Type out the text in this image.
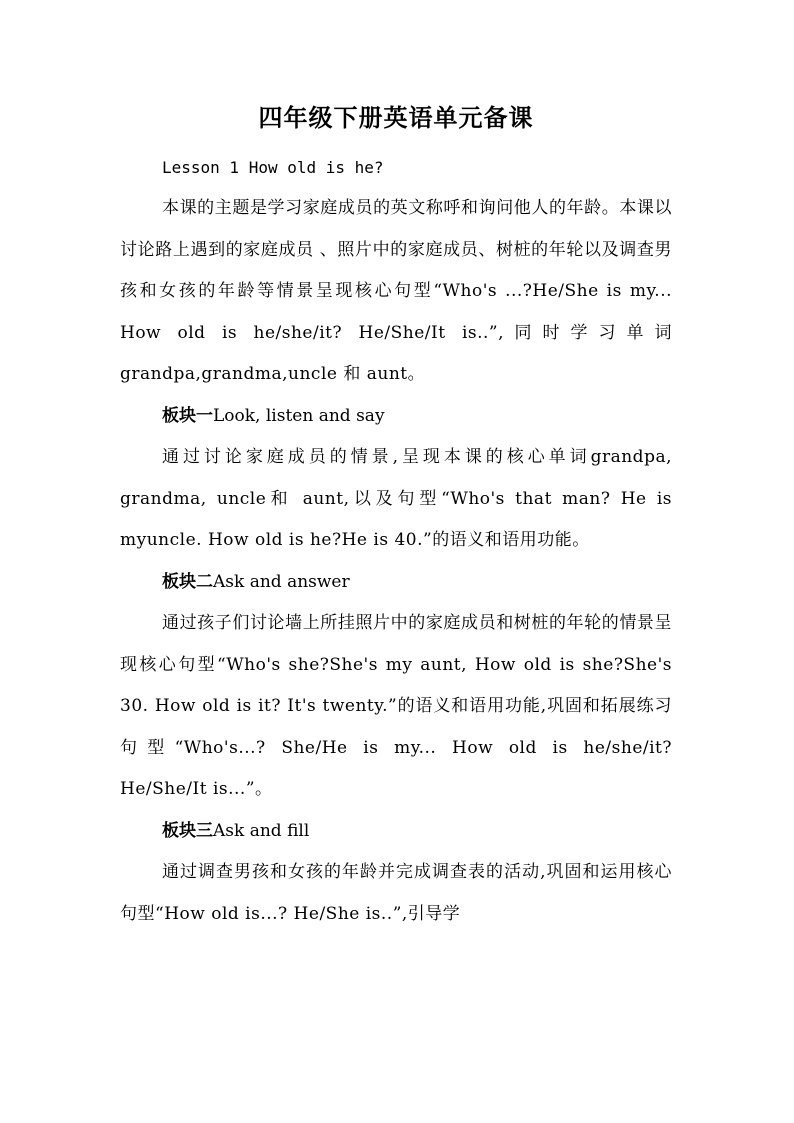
四年级下册英语单元备课

Lesson 1 How old is he?

本课的主题是学习家庭成员的英文称呼和询问他人的年龄。本课以讨论路上遇到的家庭成员 、照片中的家庭成员、树桩的年轮以及调查男孩和女孩的年龄等情景呈现核心句型“Who's ...?He/She is my... How old is he/she/it? He/She/It is..”,同时学习单词 grandpa,grandma,uncle 和 aunt。

板块一Look, listen and say

通过讨论家庭成员的情景,呈现本课的核心单词grandpa, grandma, uncle和 aunt,以及句型“Who's that man? He is myuncle. How old is he?He is 40.”的语义和语用功能。

板块二Ask and answer

通过孩子们讨论墙上所挂照片中的家庭成员和树桩的年轮的情景呈现核心句型“Who's she?She's my aunt, How old is she?She's 30. How old is it? It's twenty.”的语义和语用功能,巩固和拓展练习句型“Who's...? She/He is my... How old is he/she/it? He/She/It is...”。

板块三Ask and fill

通过调查男孩和女孩的年龄并完成调查表的活动,巩固和运用核心句型“How old is...? He/She is..”,引导学
